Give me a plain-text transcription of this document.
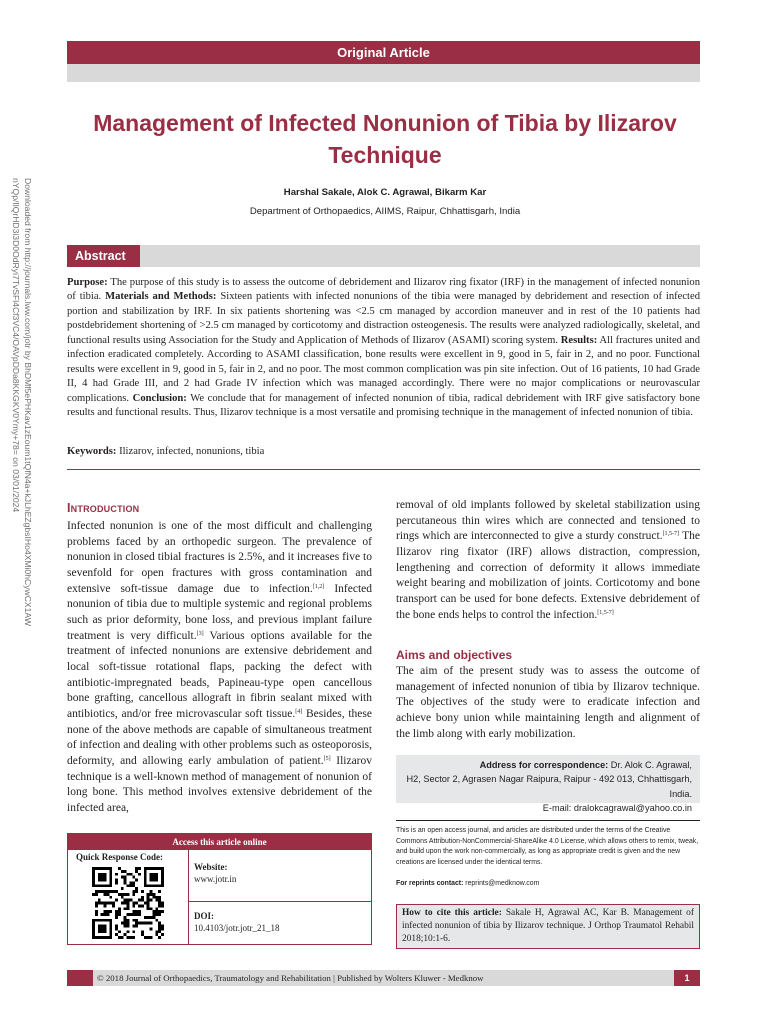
Downloaded from http://journals.lww.com/jotr by BhDMf5ePHKav1zEoum1tQfN4a+kJLhEZgbsIHo4XMi0hCywCX1AW
nYQp/IlQrHD3i3D0OdRyi7TvSFl4Cf3VC4/OAVpDDa8KKGKV0Ymy+78= on 03/01/2024
Original Article
Management of Infected Nonunion of Tibia by Ilizarov Technique
Harshal Sakale, Alok C. Agrawal, Bikarm Kar
Department of Orthopaedics, AIIMS, Raipur, Chhattisgarh, India
Abstract

Purpose: The purpose of this study is to assess the outcome of debridement and Ilizarov ring fixator (IRF) in the management of infected nonunion of tibia. Materials and Methods: Sixteen patients with infected nonunions of the tibia were managed by debridement and resection of infected portion and stabilization by IRF. In six patients shortening was <2.5 cm managed by accordion maneuver and in rest of the 10 patients had postdebridement shortening of >2.5 cm managed by corticotomy and distraction osteogenesis. The results were analyzed radiologically, skeletal, and functional results using Association for the Study and Application of Methods of Ilizarov (ASAMI) scoring system. Results: All fractures united and infection eradicated completely. According to ASAMI classification, bone results were excellent in 9, good in 5, fair in 2, and no poor. Functional results were excellent in 9, good in 5, fair in 2, and no poor. The most common complication was pin site infection. Out of 16 patients, 10 had Grade II, 4 had Grade III, and 2 had Grade IV infection which was managed accordingly. There were no major complications or neurovascular complications. Conclusion: We conclude that for management of infected nonunion of tibia, radical debridement with IRF give satisfactory bone results and functional results. Thus, Ilizarov technique is a most versatile and promising technique in the management of infected nonunion of tibia.

Keywords: Ilizarov, infected, nonunions, tibia

Introduction

Infected nonunion is one of the most difficult and challenging problems faced by an orthopedic surgeon. The prevalence of nonunion in closed tibial fractures is 2.5%, and it increases five to sevenfold for open fractures with gross contamination and extensive soft-tissue damage due to infection.[1,2] Infected nonunion of tibia due to multiple systemic and regional problems such as prior deformity, bone loss, and previous implant failure treatment is very difficult.[3] Various options available for the treatment of infected nonunions are extensive debridement and local soft-tissue rotational flaps, packing the defect with antibiotic-impregnated beads, Papineau-type open cancellous bone grafting, cancellous allograft in fibrin sealant mixed with antibiotics, and/or free microvascular soft tissue.[4] Besides, these none of the above methods are capable of simultaneous treatment of infection and dealing with other problems such as osteoporosis, deformity, and allowing early ambulation of patient.[5] Ilizarov technique is a well-known method of management of nonunion of long bone. This method involves extensive debridement of the infected area,

removal of old implants followed by skeletal stabilization using percutaneous thin wires which are connected and tensioned to rings which are interconnected to give a sturdy construct.[1,5-7] The Ilizarov ring fixator (IRF) allows distraction, compression, lengthening and correction of deformity it allows immediate weight bearing and mobilization of joints. Corticotomy and bone transport can be used for bone defects. Extensive debridement of the bone ends helps to control the infection.[1,5-7]

Aims and objectives

The aim of the present study was to assess the outcome of management of infected nonunion of tibia by Ilizarov technique. The objectives of the study were to eradicate infection and achieve bony union while maintaining length and alignment of the limb along with early mobilization.

Address for correspondence: Dr. Alok C. Agrawal,
H2, Sector 2, Agrasen Nagar Raipura, Raipur - 492 013, Chhattisgarh, India.
E-mail: dralokcagrawal@yahoo.co.in
Access this article online
Quick Response Code:
Website:
www.jotr.in
DOI:
10.4103/jotr.jotr_21_18

This is an open access journal, and articles are distributed under the terms of the Creative Commons Attribution-NonCommercial-ShareAlike 4.0 License, which allows others to remix, tweak, and build upon the work non-commercially, as long as appropriate credit is given and the new creations are licensed under the identical terms.

For reprints contact: reprints@medknow.com

How to cite this article: Sakale H, Agrawal AC, Kar B. Management of infected nonunion of tibia by Ilizarov technique. J Orthop Traumatol Rehabil 2018;10:1-6.

© 2018 Journal of Orthopaedics, Traumatology and Rehabilitation | Published by Wolters Kluwer - Medknow	1
